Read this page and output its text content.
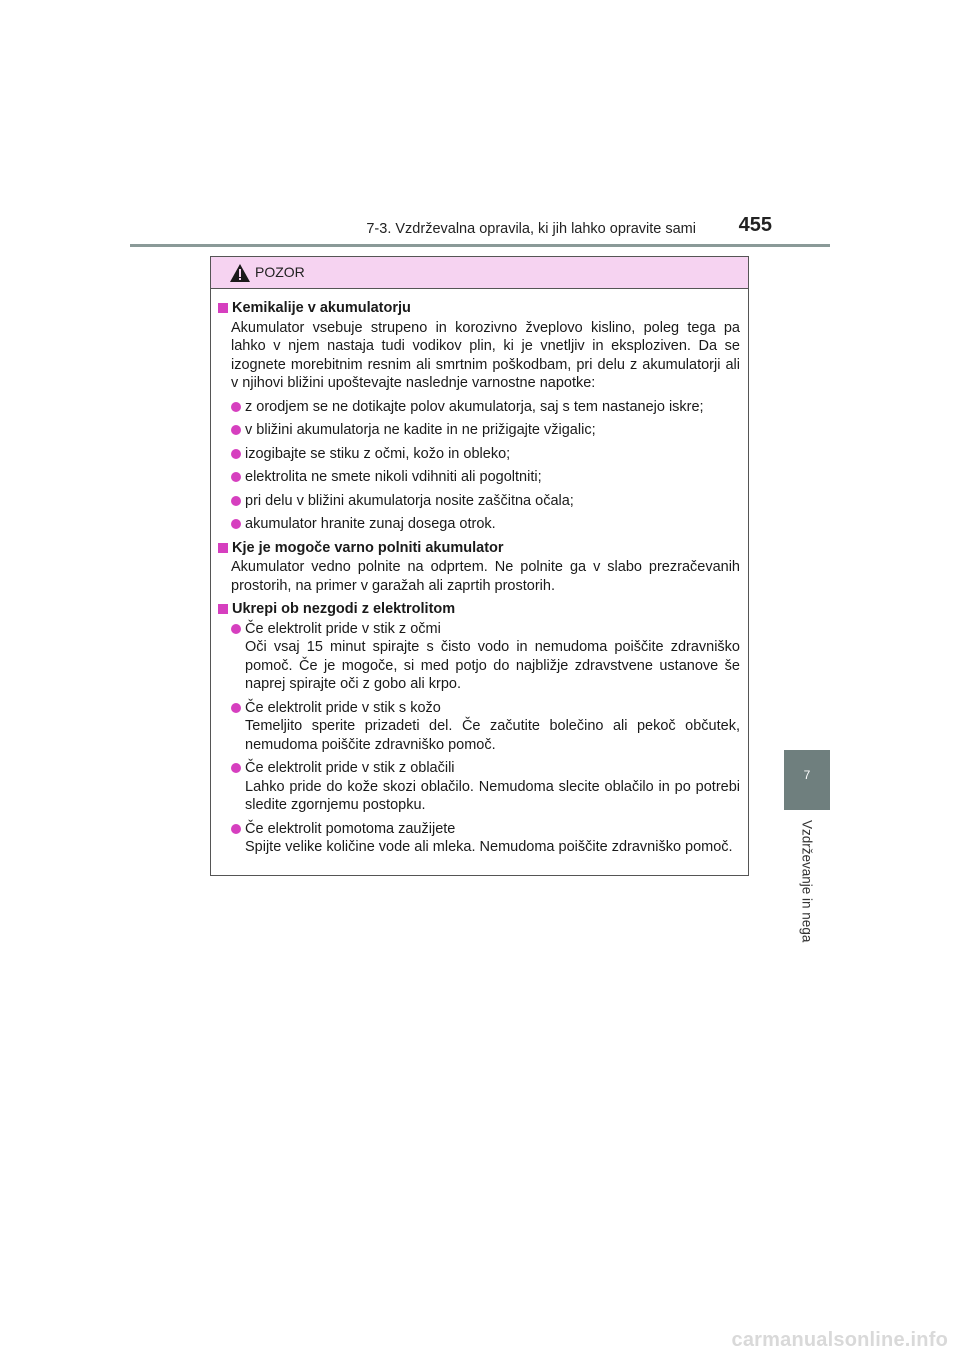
7-3. Vzdrževalna opravila, ki jih lahko opravite sami 455
7
Vzdrževanje in nega
POZOR
Kemikalije v akumulatorju
Akumulator vsebuje strupeno in korozivno žveplovo kislino, poleg tega pa lahko v njem nastaja tudi vodikov plin, ki je vnetljiv in eksploziven. Da se izognete morebitnim resnim ali smrtnim poškodbam, pri delu z akumulatorji ali v njihovi bližini upoštevajte naslednje varnostne napotke:
z orodjem se ne dotikajte polov akumulatorja, saj s tem nastanejo iskre;
v bližini akumulatorja ne kadite in ne prižigajte vžigalic;
izogibajte se stiku z očmi, kožo in obleko;
elektrolita ne smete nikoli vdihniti ali pogoltniti;
pri delu v bližini akumulatorja nosite zaščitna očala;
akumulator hranite zunaj dosega otrok.
Kje je mogoče varno polniti akumulator
Akumulator vedno polnite na odprtem. Ne polnite ga v slabo prezračevanih prostorih, na primer v garažah ali zaprtih prostorih.
Ukrepi ob nezgodi z elektrolitom
Če elektrolit pride v stik z očmi
Oči vsaj 15 minut spirajte s čisto vodo in nemudoma poiščite zdravniško pomoč. Če je mogoče, si med potjo do najbližje zdravstvene ustanove še naprej spirajte oči z gobo ali krpo.
Če elektrolit pride v stik s kožo
Temeljito sperite prizadeti del. Če začutite bolečino ali pekoč občutek, nemudoma poiščite zdravniško pomoč.
Če elektrolit pride v stik z oblačili
Lahko pride do kože skozi oblačilo. Nemudoma slecite oblačilo in po potrebi sledite zgornjemu postopku.
Če elektrolit pomotoma zaužijete
Spijte velike količine vode ali mleka. Nemudoma poiščite zdravniško pomoč.
carmanualsonline.info
